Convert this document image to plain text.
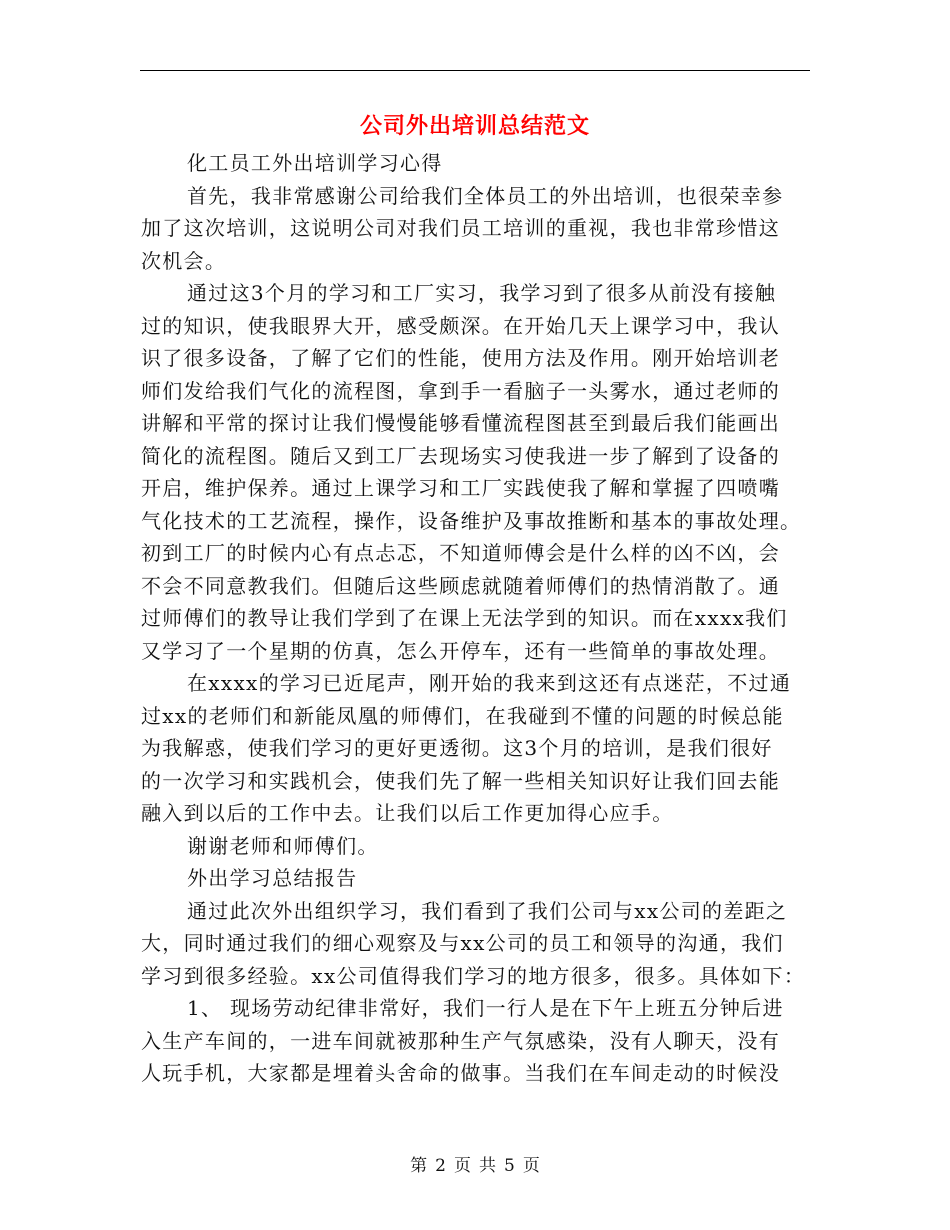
公司外出培训总结范文
化工员工外出培训学习心得
首先，我非常感谢公司给我们全体员工的外出培训，也很荣幸参
加了这次培训，这说明公司对我们员工培训的重视，我也非常珍惜这
次机会。
通过这3个月的学习和工厂实习，我学习到了很多从前没有接触
过的知识，使我眼界大开，感受颇深。在开始几天上课学习中，我认
识了很多设备，了解了它们的性能，使用方法及作用。刚开始培训老
师们发给我们气化的流程图，拿到手一看脑子一头雾水，通过老师的
讲解和平常的探讨让我们慢慢能够看懂流程图甚至到最后我们能画出
简化的流程图。随后又到工厂去现场实习使我进一步了解到了设备的
开启，维护保养。通过上课学习和工厂实践使我了解和掌握了四喷嘴
气化技术的工艺流程，操作，设备维护及事故推断和基本的事故处理。
初到工厂的时候内心有点忐忑，不知道师傅会是什么样的凶不凶，会
不会不同意教我们。但随后这些顾虑就随着师傅们的热情消散了。通
过师傅们的教导让我们学到了在课上无法学到的知识。而在xxxx我们
又学习了一个星期的仿真，怎么开停车，还有一些简单的事故处理。
在xxxx的学习已近尾声，刚开始的我来到这还有点迷茫，不过通
过xx的老师们和新能凤凰的师傅们，在我碰到不懂的问题的时候总能
为我解惑，使我们学习的更好更透彻。这3个月的培训，是我们很好
的一次学习和实践机会，使我们先了解一些相关知识好让我们回去能
融入到以后的工作中去。让我们以后工作更加得心应手。
谢谢老师和师傅们。
外出学习总结报告
通过此次外出组织学习，我们看到了我们公司与xx公司的差距之
大，同时通过我们的细心观察及与xx公司的员工和领导的沟通，我们
学习到很多经验。xx公司值得我们学习的地方很多，很多。具体如下：
1、 现场劳动纪律非常好，我们一行人是在下午上班五分钟后进
入生产车间的，一进车间就被那种生产气氛感染，没有人聊天，没有
人玩手机，大家都是埋着头舍命的做事。当我们在车间走动的时候没
第 2 页 共 5 页
